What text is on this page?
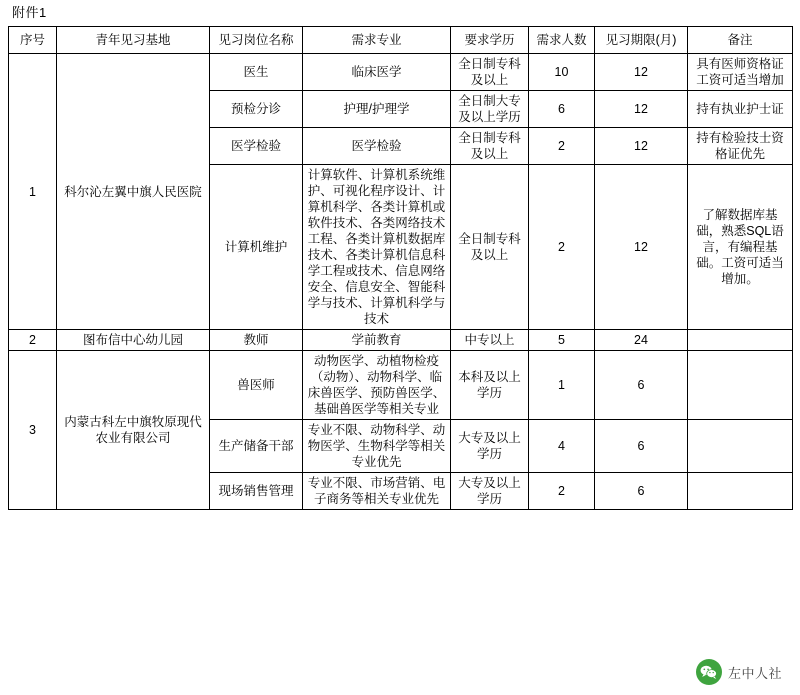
附件1
序号	青年见习基地	见习岗位名称	需求专业	要求学历	需求人数	见习期限(月)	备注
1	科尔沁左翼中旗人民医院	医生	临床医学	全日制专科及以上	10	12	具有医师资格证工资可适当增加
		预检分诊	护理/护理学	全日制大专及以上学历	6	12	持有执业护士证
		医学检验	医学检验	全日制专科及以上	2	12	持有检验技士资格证优先
		计算机维护	计算软件、计算机系统维护、可视化程序设计、计算机科学、各类计算机或软件技术、各类网络技术工程、各类计算机数据库技术、各类计算机信息科学工程或技术、信息网络安全、信息安全、智能科学与技术、计算机科学与技术	全日制专科及以上	2	12	了解数据库基础，熟悉SQL语言，有编程基础。工资可适当增加。
2	图布信中心幼儿园	教师	学前教育	中专以上	5	24	
3	内蒙古科左中旗牧原现代农业有限公司	兽医师	动物医学、动植物检疫（动物）、动物科学、临床兽医学、预防兽医学、基础兽医学等相关专业	本科及以上学历	1	6	
		生产储备干部	专业不限、动物科学、动物医学、生物科学等相关专业优先	大专及以上学历	4	6	
		现场销售管理	专业不限、市场营销、电子商务等相关专业优先	大专及以上学历	2	6	
左中人社
